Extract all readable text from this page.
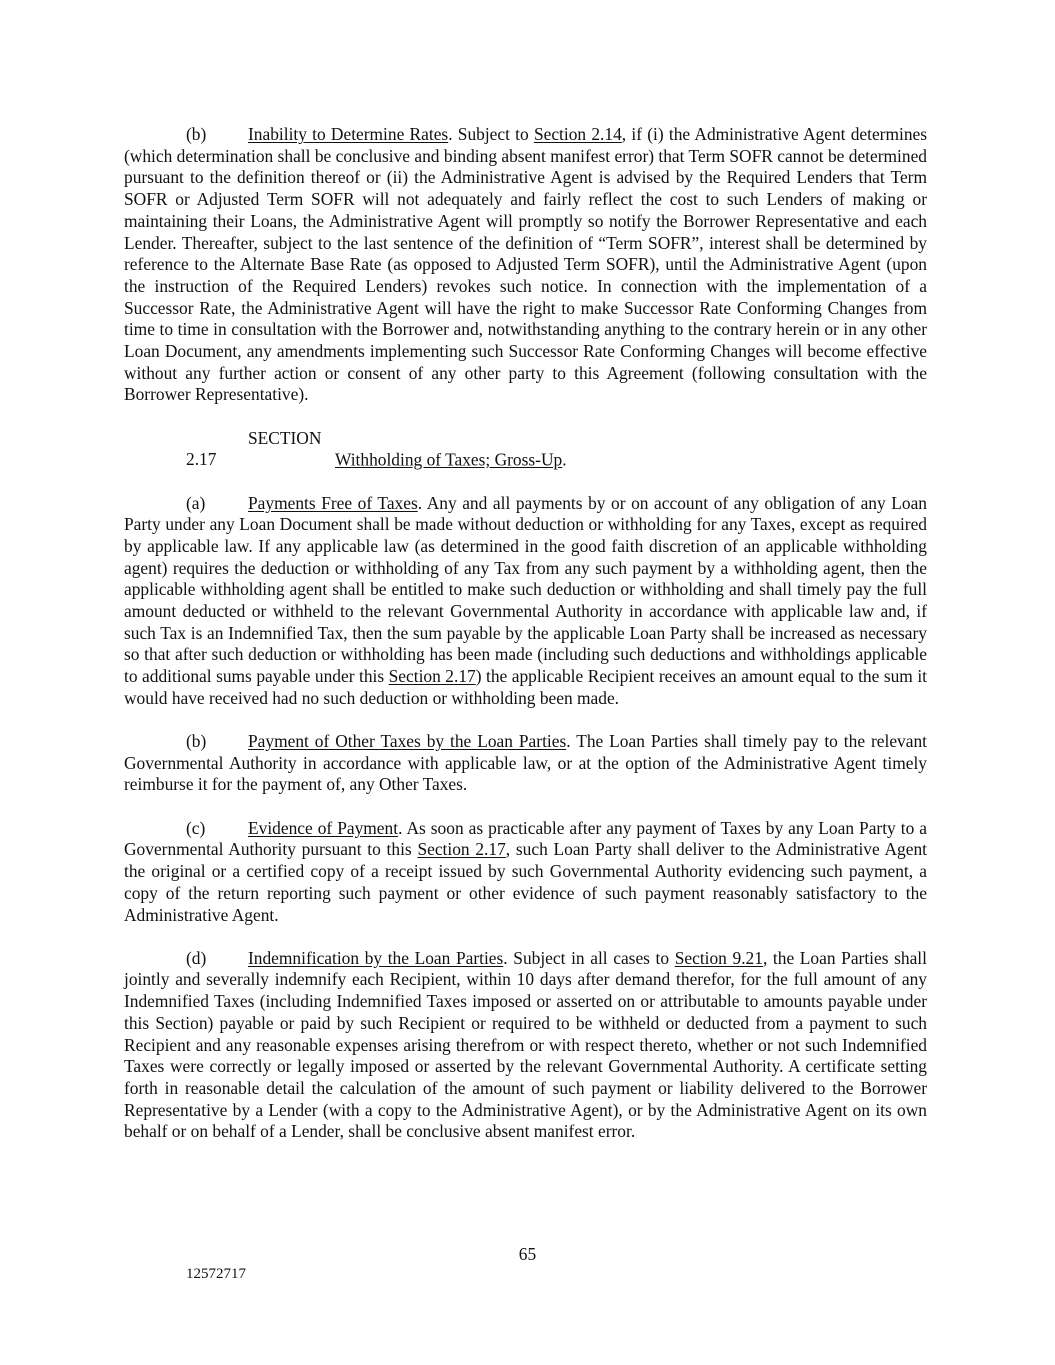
(b) Inability to Determine Rates. Subject to Section 2.14, if (i) the Administrative Agent determines (which determination shall be conclusive and binding absent manifest error) that Term SOFR cannot be determined pursuant to the definition thereof or (ii) the Administrative Agent is advised by the Required Lenders that Term SOFR or Adjusted Term SOFR will not adequately and fairly reflect the cost to such Lenders of making or maintaining their Loans, the Administrative Agent will promptly so notify the Borrower Representative and each Lender. Thereafter, subject to the last sentence of the definition of “Term SOFR”, interest shall be determined by reference to the Alternate Base Rate (as opposed to Adjusted Term SOFR), until the Administrative Agent (upon the instruction of the Required Lenders) revokes such notice. In connection with the implementation of a Successor Rate, the Administrative Agent will have the right to make Successor Rate Conforming Changes from time to time in consultation with the Borrower and, notwithstanding anything to the contrary herein or in any other Loan Document, any amendments implementing such Successor Rate Conforming Changes will become effective without any further action or consent of any other party to this Agreement (following consultation with the Borrower Representative).

SECTION 2.17	Withholding of Taxes; Gross-Up.

(a) Payments Free of Taxes. Any and all payments by or on account of any obligation of any Loan Party under any Loan Document shall be made without deduction or withholding for any Taxes, except as required by applicable law. If any applicable law (as determined in the good faith discretion of an applicable withholding agent) requires the deduction or withholding of any Tax from any such payment by a withholding agent, then the applicable withholding agent shall be entitled to make such deduction or withholding and shall timely pay the full amount deducted or withheld to the relevant Governmental Authority in accordance with applicable law and, if such Tax is an Indemnified Tax, then the sum payable by the applicable Loan Party shall be increased as necessary so that after such deduction or withholding has been made (including such deductions and withholdings applicable to additional sums payable under this Section 2.17) the applicable Recipient receives an amount equal to the sum it would have received had no such deduction or withholding been made.

(b) Payment of Other Taxes by the Loan Parties. The Loan Parties shall timely pay to the relevant Governmental Authority in accordance with applicable law, or at the option of the Administrative Agent timely reimburse it for the payment of, any Other Taxes.

(c) Evidence of Payment. As soon as practicable after any payment of Taxes by any Loan Party to a Governmental Authority pursuant to this Section 2.17, such Loan Party shall deliver to the Administrative Agent the original or a certified copy of a receipt issued by such Governmental Authority evidencing such payment, a copy of the return reporting such payment or other evidence of such payment reasonably satisfactory to the Administrative Agent.

(d) Indemnification by the Loan Parties. Subject in all cases to Section 9.21, the Loan Parties shall jointly and severally indemnify each Recipient, within 10 days after demand therefor, for the full amount of any Indemnified Taxes (including Indemnified Taxes imposed or asserted on or attributable to amounts payable under this Section) payable or paid by such Recipient or required to be withheld or deducted from a payment to such Recipient and any reasonable expenses arising therefrom or with respect thereto, whether or not such Indemnified Taxes were correctly or legally imposed or asserted by the relevant Governmental Authority. A certificate setting forth in reasonable detail the calculation of the amount of such payment or liability delivered to the Borrower Representative by a Lender (with a copy to the Administrative Agent), or by the Administrative Agent on its own behalf or on behalf of a Lender, shall be conclusive absent manifest error.

65
12572717
